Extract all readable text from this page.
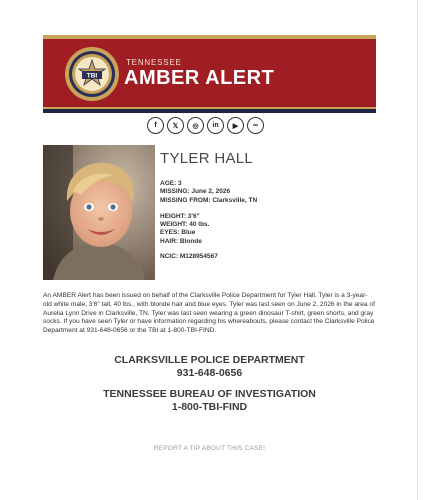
TBI
TENNESSEE
AMBER ALERT
f	𝕏	◎	in	▶	∞
TYLER HALL
AGE: 3
MISSING: June 2, 2026
MISSING FROM: Clarksville, TN
HEIGHT: 3'6"
WEIGHT: 40 lbs.
EYES: Blue
HAIR: Blonde
NCIC: M128954567
An AMBER Alert has been issued on behalf of the Clarksville Police Department for Tyler Hall. Tyler is a 3-year-old white male, 3'6" tall, 40 lbs., with blonde hair and blue eyes. Tyler was last seen on June 2, 2026 in the area of Aurelia Lynn Drive in Clarksville, TN. Tyler was last seen wearing a green dinosaur T-shirt, green shorts, and gray socks. If you have seen Tyler or have information regarding his whereabouts, please contact the Clarksville Police Department at 931-648-0656 or the TBI at 1-800-TBI-FIND.
CLARKSVILLE POLICE DEPARTMENT
931-648-0656
TENNESSEE BUREAU OF INVESTIGATION
1-800-TBI-FIND
REPORT A TIP ABOUT THIS CASE!
